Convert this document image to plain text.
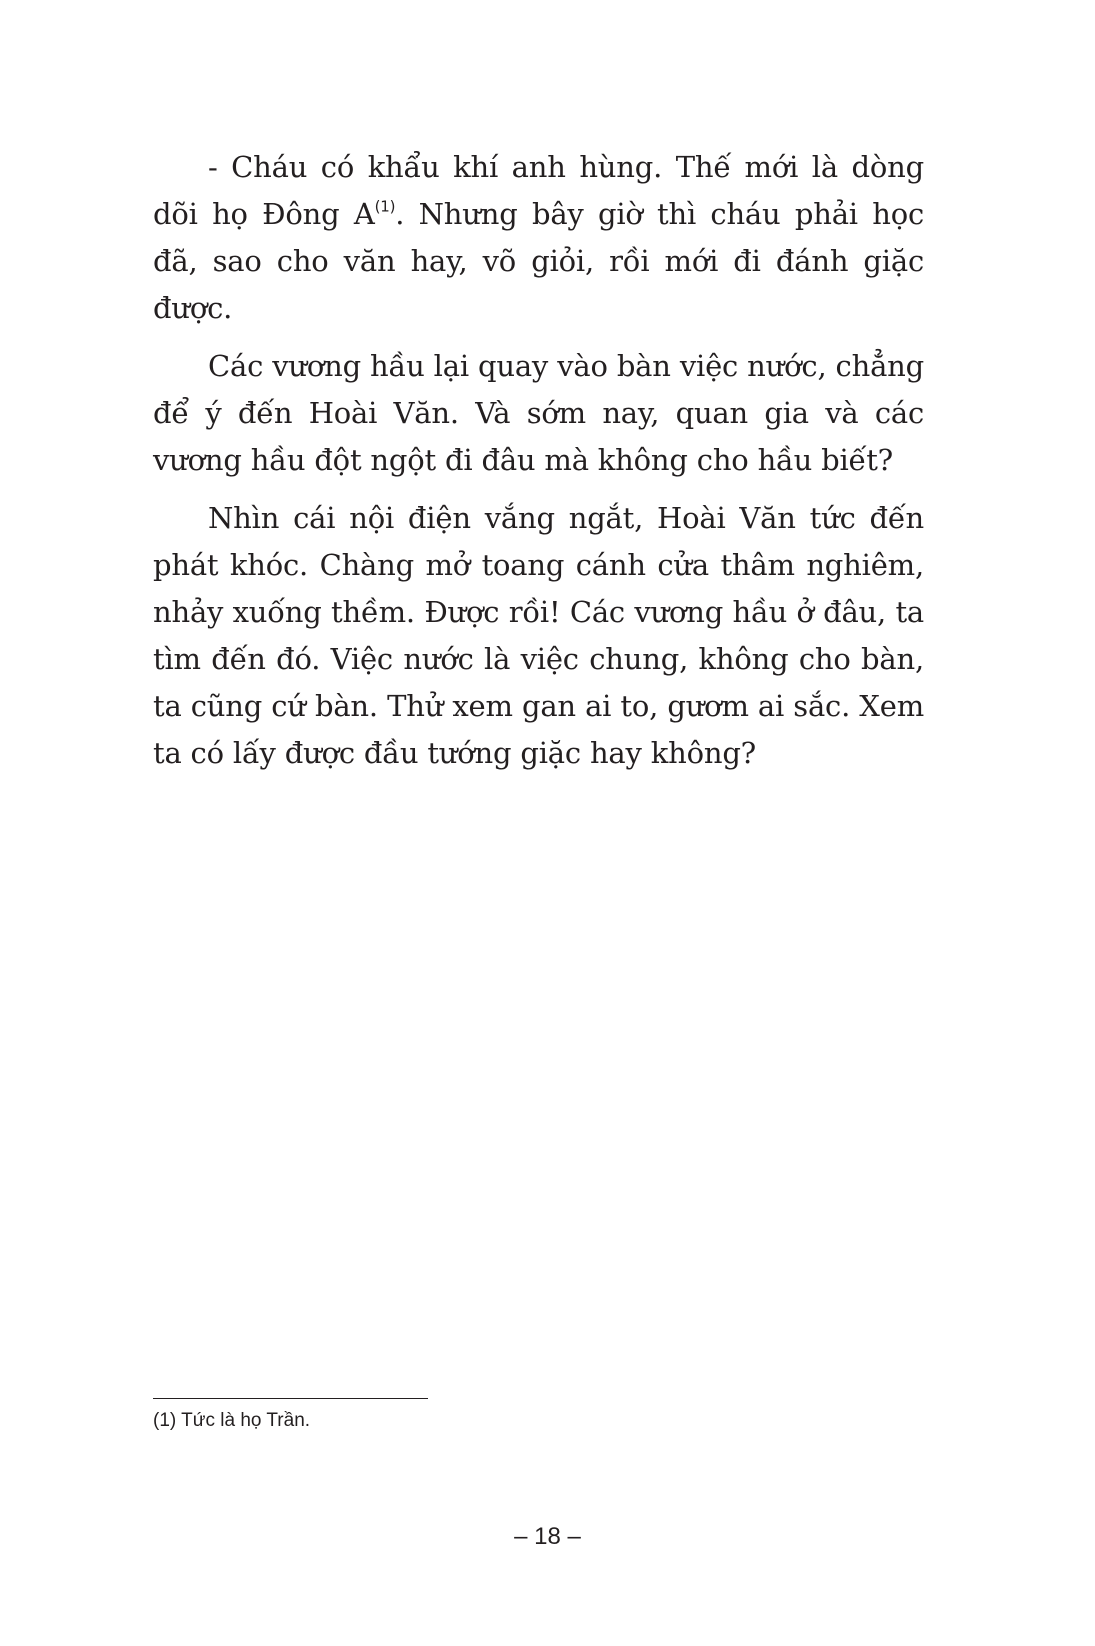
- Cháu có khẩu khí anh hùng. Thế mới là dòng dõi họ Đông $A^{(1)}$. Nhưng bây giờ thì cháu phải học đã, sao cho văn hay, võ giỏi, rồi mới đi đánh giặc được.

Các vương hầu lại quay vào bàn việc nước, chẳng để ý đến Hoài Văn. Và sớm nay, quan gia và các vương hầu đột ngột đi đâu mà không cho hầu biết?

Nhìn cái nội điện vắng ngắt, Hoài Văn tức đến phát khóc. Chàng mở toang cánh cửa thâm nghiêm, nhảy xuống thềm. Được rồi! Các vương hầu ở đâu, ta tìm đến đó. Việc nước là việc chung, không cho bàn, ta cũng cứ bàn. Thử xem gan ai to, gươm ai sắc. Xem ta có lấy được đầu tướng giặc hay không?

(1) Tức là họ Trần.
– 18 –
